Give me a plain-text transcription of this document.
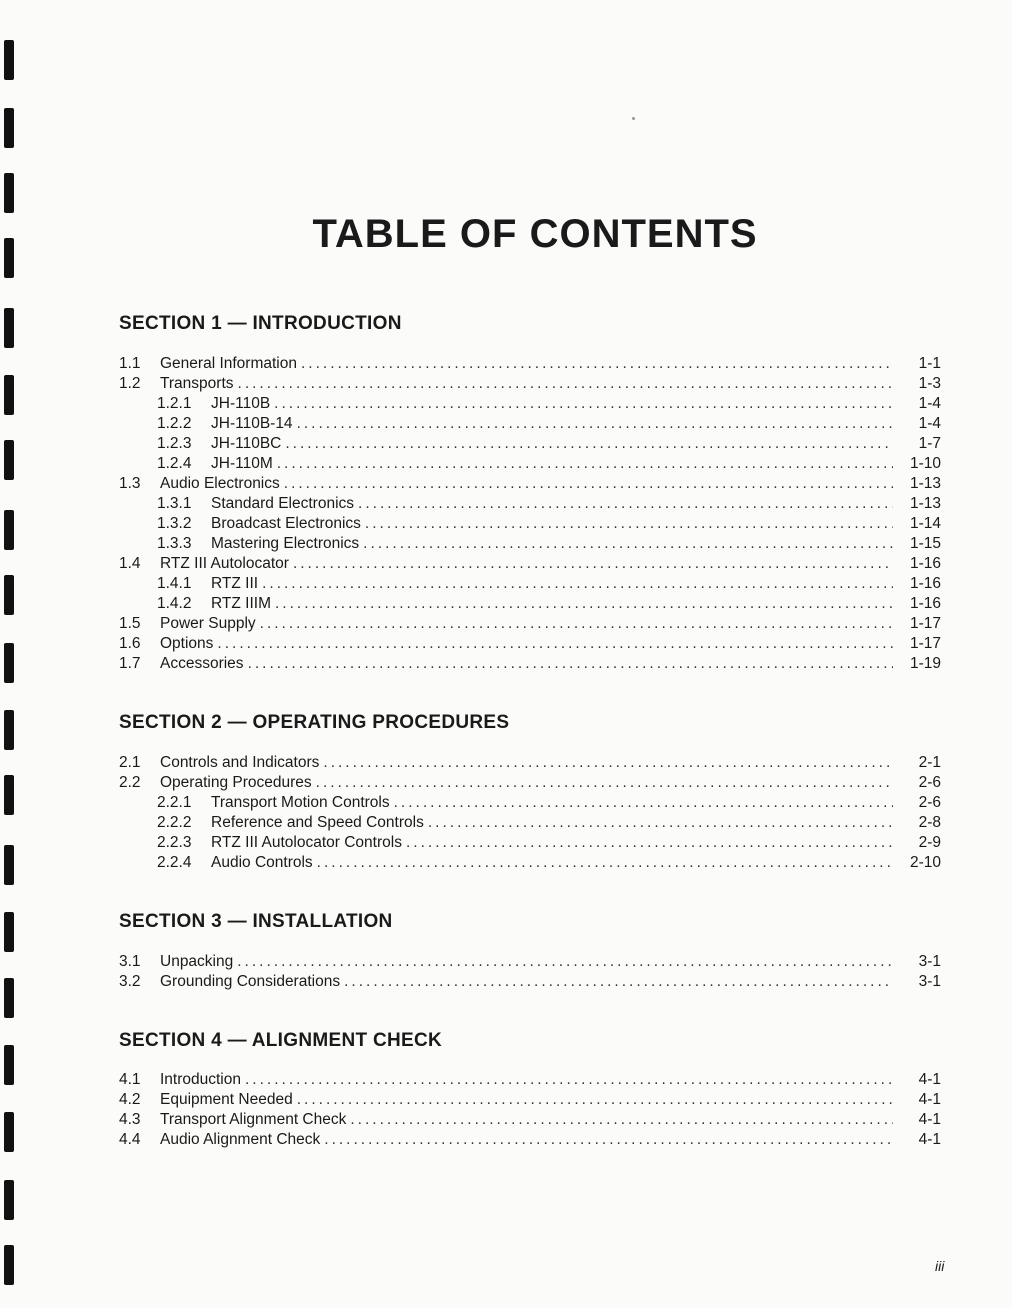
TABLE OF CONTENTS
SECTION 1 — INTRODUCTION
1.1	General Information .....	1-1
1.2	Transports .....	1-3
1.2.1	JH-110B .....	1-4
1.2.2	JH-110B-14 .....	1-4
1.2.3	JH-110BC .....	1-7
1.2.4	JH-110M .....	1-10
1.3	Audio Electronics .....	1-13
1.3.1	Standard Electronics .....	1-13
1.3.2	Broadcast Electronics .....	1-14
1.3.3	Mastering Electronics .....	1-15
1.4	RTZ III Autolocator .....	1-16
1.4.1	RTZ III .....	1-16
1.4.2	RTZ IIIM .....	1-16
1.5	Power Supply .....	1-17
1.6	Options .....	1-17
1.7	Accessories .....	1-19
SECTION 2 — OPERATING PROCEDURES
2.1	Controls and Indicators .....	2-1
2.2	Operating Procedures .....	2-6
2.2.1	Transport Motion Controls .....	2-6
2.2.2	Reference and Speed Controls .....	2-8
2.2.3	RTZ III Autolocator Controls .....	2-9
2.2.4	Audio Controls .....	2-10
SECTION 3 — INSTALLATION
3.1	Unpacking .....	3-1
3.2	Grounding Considerations .....	3-1
SECTION 4 — ALIGNMENT CHECK
4.1	Introduction .....	4-1
4.2	Equipment Needed .....	4-1
4.3	Transport Alignment Check .....	4-1
4.4	Audio Alignment Check .....	4-1
iii
